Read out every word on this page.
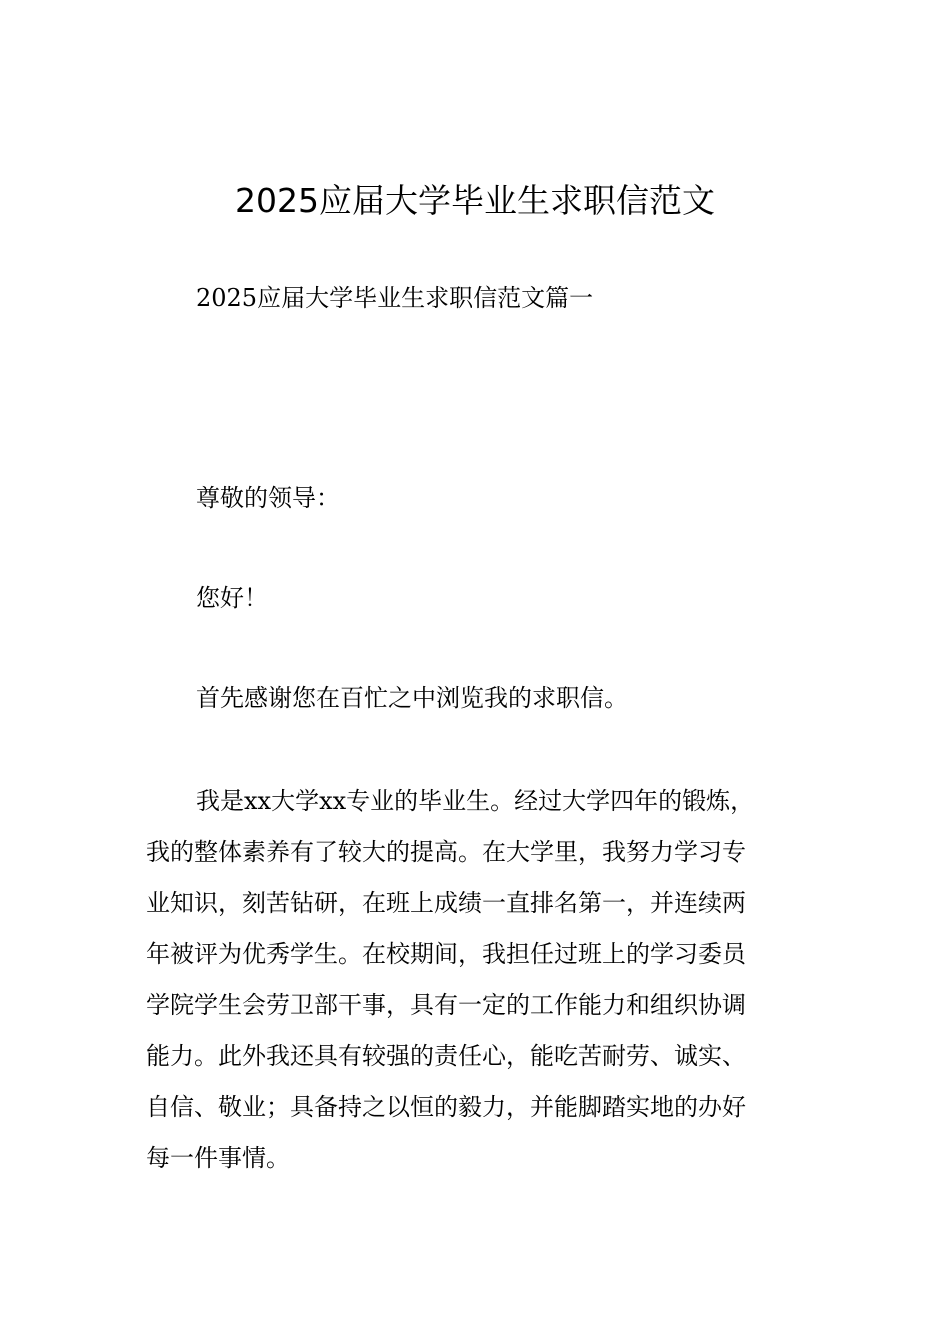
2025应届大学毕业生求职信范文

2025应届大学毕业生求职信范文篇一

尊敬的领导：

您好！

首先感谢您在百忙之中浏览我的求职信。

我是xx大学xx专业的毕业生。经过大学四年的锻炼，
我的整体素养有了较大的提高。在大学里，我努力学习专
业知识，刻苦钻研，在班上成绩一直排名第一，并连续两
年被评为优秀学生。在校期间，我担任过班上的学习委员
学院学生会劳卫部干事，具有一定的工作能力和组织协调
能力。此外我还具有较强的责任心，能吃苦耐劳、诚实、
自信、敬业；具备持之以恒的毅力，并能脚踏实地的办好
每一件事情。
